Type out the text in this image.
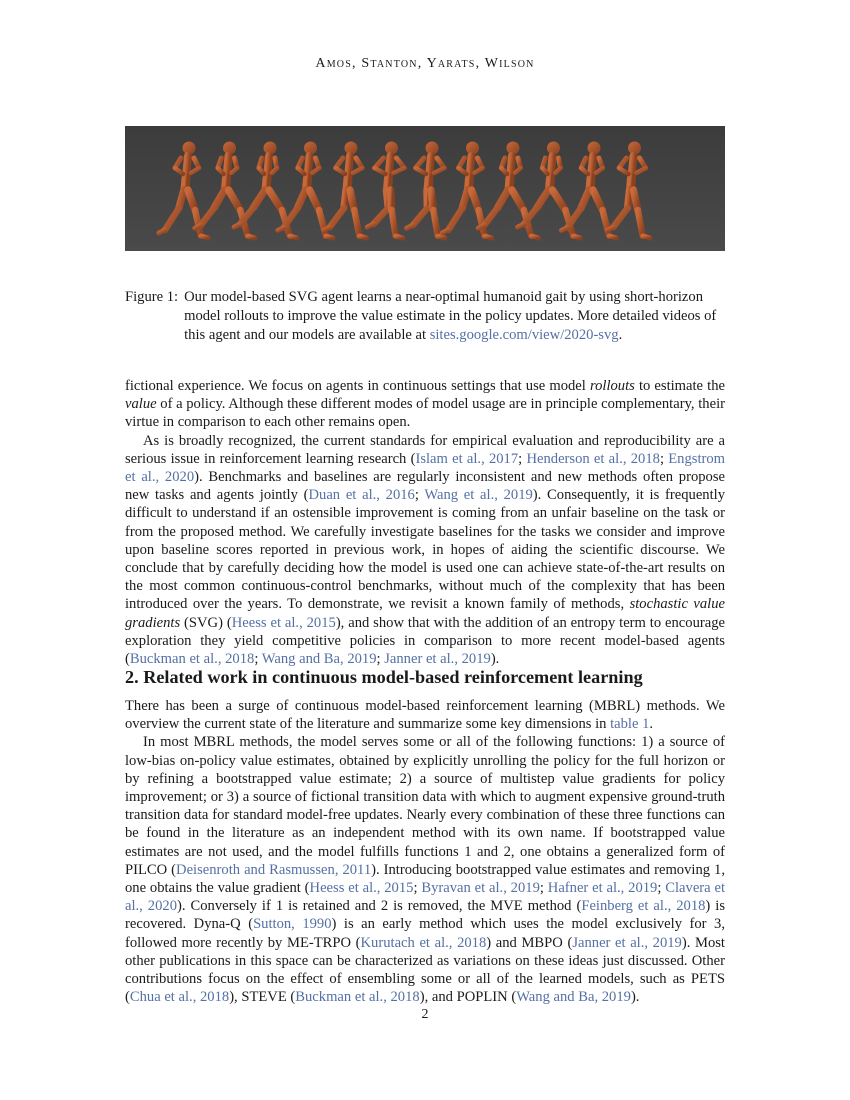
Amos, Stanton, Yarats, Wilson
Figure 1: Our model-based SVG agent learns a near-optimal humanoid gait by using short-horizon model rollouts to improve the value estimate in the policy updates. More detailed videos of this agent and our models are available at sites.google.com/view/2020-svg.

fictional experience. We focus on agents in continuous settings that use model rollouts to estimate the value of a policy. Although these different modes of model usage are in principle complementary, their virtue in comparison to each other remains open.

As is broadly recognized, the current standards for empirical evaluation and reproducibility are a serious issue in reinforcement learning research (Islam et al., 2017; Henderson et al., 2018; Engstrom et al., 2020). Benchmarks and baselines are regularly inconsistent and new methods often propose new tasks and agents jointly (Duan et al., 2016; Wang et al., 2019). Consequently, it is frequently difficult to understand if an ostensible improvement is coming from an unfair baseline on the task or from the proposed method. We carefully investigate baselines for the tasks we consider and improve upon baseline scores reported in previous work, in hopes of aiding the scientific discourse. We conclude that by carefully deciding how the model is used one can achieve state-of-the-art results on the most common continuous-control benchmarks, without much of the complexity that has been introduced over the years. To demonstrate, we revisit a known family of methods, stochastic value gradients (SVG) (Heess et al., 2015), and show that with the addition of an entropy term to encourage exploration they yield competitive policies in comparison to more recent model-based agents (Buckman et al., 2018; Wang and Ba, 2019; Janner et al., 2019).

2. Related work in continuous model-based reinforcement learning

There has been a surge of continuous model-based reinforcement learning (MBRL) methods. We overview the current state of the literature and summarize some key dimensions in table 1.

In most MBRL methods, the model serves some or all of the following functions: 1) a source of low-bias on-policy value estimates, obtained by explicitly unrolling the policy for the full horizon or by refining a bootstrapped value estimate; 2) a source of multistep value gradients for policy improvement; or 3) a source of fictional transition data with which to augment expensive ground-truth transition data for standard model-free updates. Nearly every combination of these three functions can be found in the literature as an independent method with its own name. If bootstrapped value estimates are not used, and the model fulfills functions 1 and 2, one obtains a generalized form of PILCO (Deisenroth and Rasmussen, 2011). Introducing bootstrapped value estimates and removing 1, one obtains the value gradient (Heess et al., 2015; Byravan et al., 2019; Hafner et al., 2019; Clavera et al., 2020). Conversely if 1 is retained and 2 is removed, the MVE method (Feinberg et al., 2018) is recovered. Dyna-Q (Sutton, 1990) is an early method which uses the model exclusively for 3, followed more recently by ME-TRPO (Kurutach et al., 2018) and MBPO (Janner et al., 2019). Most other publications in this space can be characterized as variations on these ideas just discussed. Other contributions focus on the effect of ensembling some or all of the learned models, such as PETS (Chua et al., 2018), STEVE (Buckman et al., 2018), and POPLIN (Wang and Ba, 2019).

2
